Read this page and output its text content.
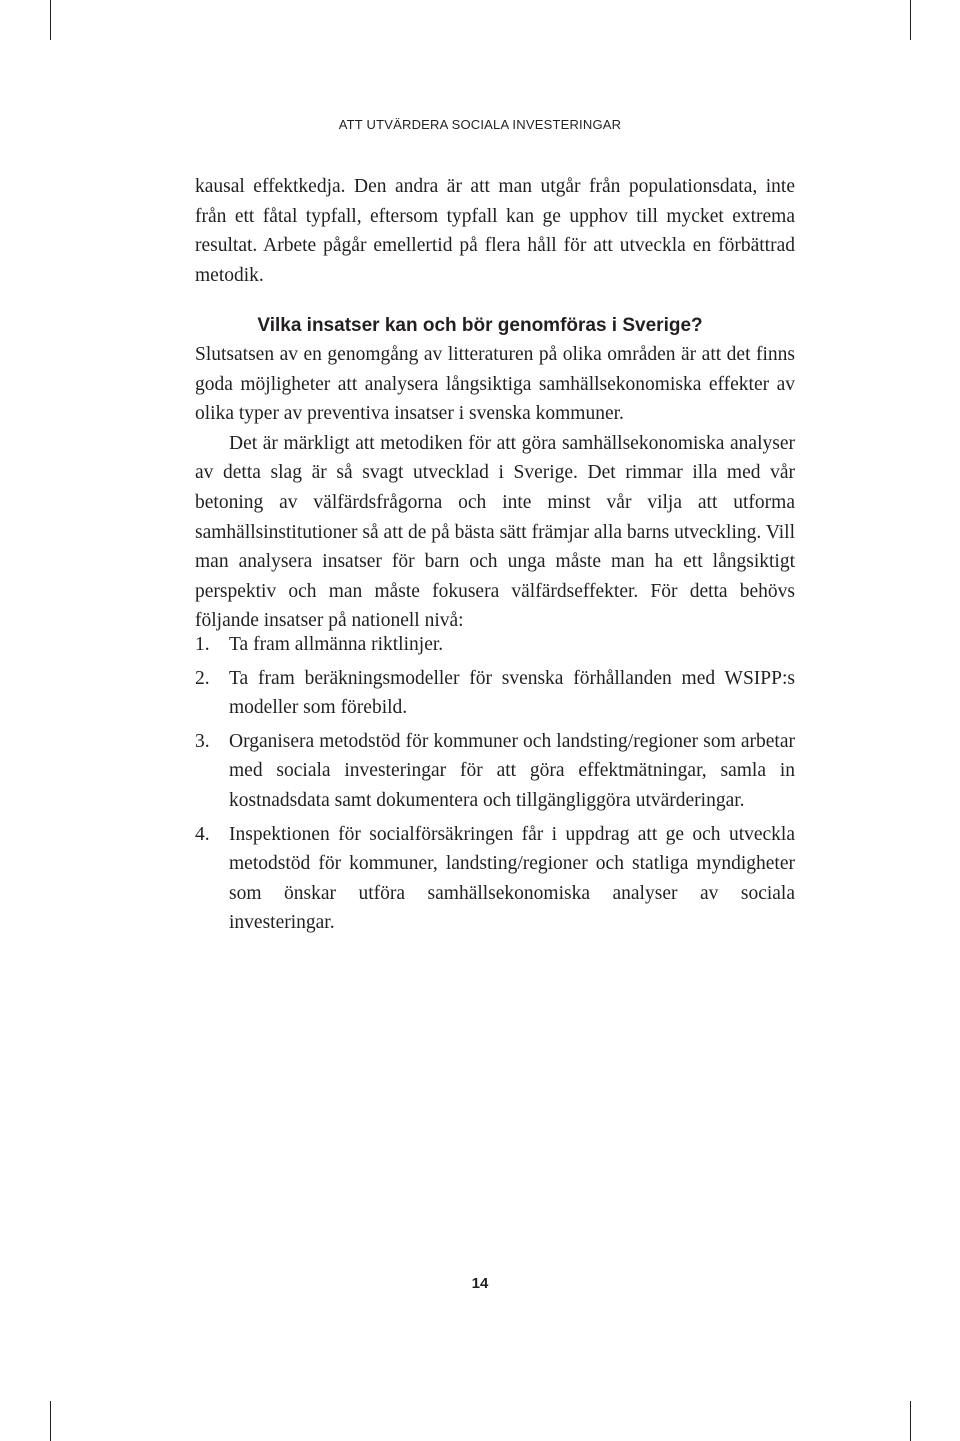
ATT UTVÄRDERA SOCIALA INVESTERINGAR

kausal effektkedja. Den andra är att man utgår från populationsdata, inte från ett fåtal typfall, eftersom typfall kan ge upphov till mycket extrema resultat. Arbete pågår emellertid på flera håll för att utveckla en förbättrad metodik.

Vilka insatser kan och bör genomföras i Sverige?

Slutsatsen av en genomgång av litteraturen på olika områden är att det finns goda möjligheter att analysera långsiktiga samhällsekonomiska effekter av olika typer av preventiva insatser i svenska kommuner.

Det är märkligt att metodiken för att göra samhällsekonomiska analyser av detta slag är så svagt utvecklad i Sverige. Det rimmar illa med vår betoning av välfärdsfrågorna och inte minst vår vilja att utforma samhällsinstitutioner så att de på bästa sätt främjar alla barns utveckling. Vill man analysera insatser för barn och unga måste man ha ett långsiktigt perspektiv och man måste fokusera välfärdseffekter. För detta behövs följande insatser på nationell nivå:

1. Ta fram allmänna riktlinjer.
2. Ta fram beräkningsmodeller för svenska förhållanden med WSIPP:s modeller som förebild.
3. Organisera metodstöd för kommuner och landsting/regioner som arbetar med sociala investeringar för att göra effektmätningar, samla in kostnadsdata samt dokumentera och tillgängliggöra utvärderingar.
4. Inspektionen för socialförsäkringen får i uppdrag att ge och utveckla metodstöd för kommuner, landsting/regioner och statliga myndigheter som önskar utföra samhällsekonomiska analyser av sociala investeringar.
14
